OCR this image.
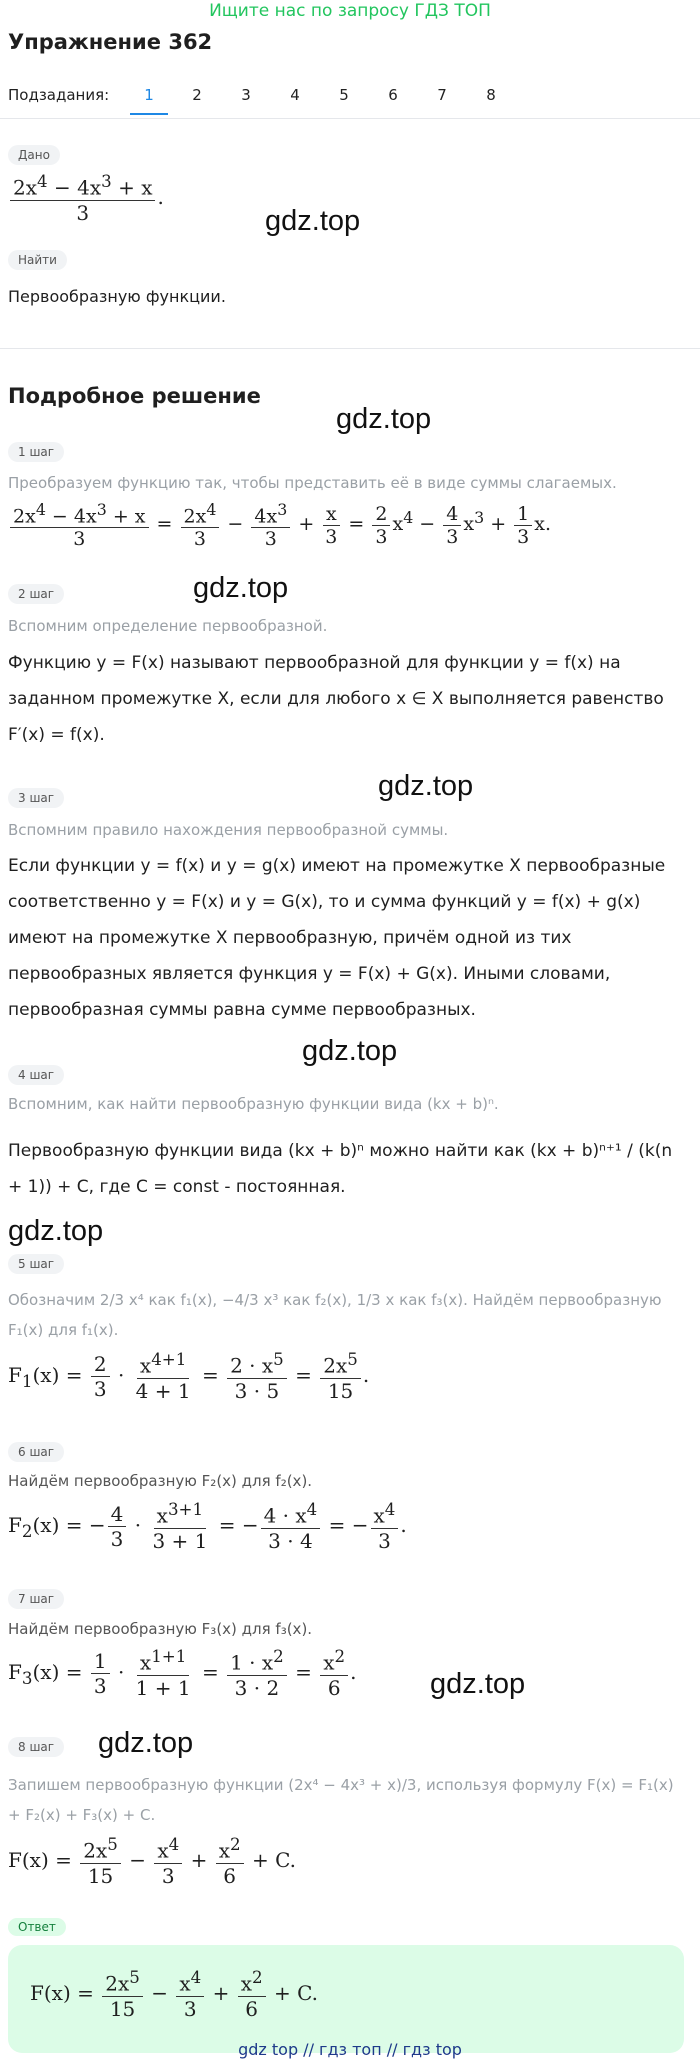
Ищите нас по запросу ГДЗ ТОП
Упражнение 362
Подзадания:	1	2	3	4	5	6	7	8
Дано
$\frac{2x^4 - 4x^3 + x}{3}$ .
gdz.top
Найти
Первообразную функции.
Подробное решение
gdz.top
1 шаг
Преобразуем функцию так, чтобы представить её в виде суммы слагаемых.
$\frac{2x^4 - 4x^3 + x}{3} = \frac{2x^4}{3} - \frac{4x^3}{3} + \frac{x}{3} = \frac{2}{3} x^4 - \frac{4}{3} x^3 + \frac{1}{3} x$.
gdz.top
2 шаг
Вспомним определение первообразной.
Функцию y = F(x) называют первообразной для функции y = f(x) на заданном промежутке X, если для любого x ∈ X выполняется равенство F′(x) = f(x).
gdz.top
3 шаг
Вспомним правило нахождения первообразной суммы.
Если функции y = f(x) и y = g(x) имеют на промежутке X первообразные соответственно y = F(x) и y = G(x), то и сумма функций y = f(x) + g(x) имеют на промежутке X первообразную, причём одной из тих первообразных является функция y = F(x) + G(x). Иными словами, первообразная суммы равна сумме первообразных.
gdz.top
4 шаг
Вспомним, как найти первообразную функции вида (kx + b)ⁿ.
Первообразную функции вида (kx + b)ⁿ можно найти как (kx + b)ⁿ⁺¹ / (k(n + 1)) + C, где C = const - постоянная.
gdz.top
5 шаг
Обозначим 2/3 x⁴ как f₁(x), −4/3 x³ как f₂(x), 1/3 x как f₃(x). Найдём первообразную F₁(x) для f₁(x).
$F_1(x) = \frac{2}{3} \cdot \frac{x^{4+1}}{4 + 1} = \frac{2 \cdot x^5}{3 \cdot 5} = \frac{2x^5}{15}$ .
6 шаг
Найдём первообразную F₂(x) для f₂(x).
$F_2(x)$ = − $\frac{4}{3} \cdot \frac{x^{3+1}}{3 + 1}$ = − $\frac{4 \cdot x^4}{3 \cdot 4}$ = − $\frac{x^4}{3}$ .
7 шаг
Найдём первообразную F₃(x) для f₃(x).
$F_3(x) = \frac{1}{3} \cdot \frac{x^{1+1}}{1 + 1} = \frac{1 \cdot x^2}{3 \cdot 2} = \frac{x^2}{6}$ .	gdz.top
8 шаг	gdz.top
Запишем первообразную функции (2x⁴ − 4x³ + x)/3, используя формулу F(x) = F₁(x) + F₂(x) + F₃(x) + C.
$F(x) = \frac{2x^5}{15} - \frac{x^4}{3} + \frac{x^2}{6} + C$.
Ответ
$F(x) = \frac{2x^5}{15} - \frac{x^4}{3} + \frac{x^2}{6} + C$.
gdz top // гдз топ // гдз top
